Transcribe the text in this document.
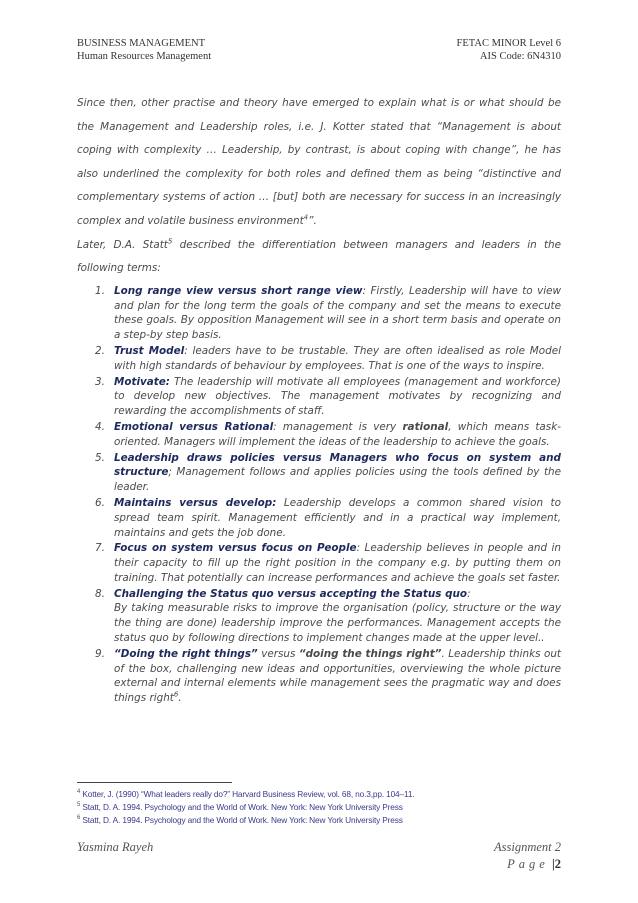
BUSINESS MANAGEMENT	FETAC MINOR Level 6
Human Resources Management	AIS Code: 6N4310

Since then, other practise and theory have emerged to explain what is or what should be the Management and Leadership roles, i.e. J. Kotter stated that “Management is about coping with complexity … Leadership, by contrast, is about coping with change”, he has also underlined the complexity for both roles and defined them as being “distinctive and complementary systems of action … [but] both are necessary for success in an increasingly complex and volatile business environment$^4$”.

Later, D.A. Statt$^5$ described the differentiation between managers and leaders in the following terms:

1. Long range view versus short range view: Firstly, Leadership will have to view and plan for the long term the goals of the company and set the means to execute these goals. By opposition Management will see in a short term basis and operate on a step-by step basis.
2. Trust Model: leaders have to be trustable. They are often idealised as role Model with high standards of behaviour by employees. That is one of the ways to inspire.
3. Motivate: The leadership will motivate all employees (management and workforce) to develop new objectives. The management motivates by recognizing and rewarding the accomplishments of staff.
4. Emotional versus Rational: management is very rational, which means task-oriented. Managers will implement the ideas of the leadership to achieve the goals.
5. Leadership draws policies versus Managers who focus on system and structure; Management follows and applies policies using the tools defined by the leader.
6. Maintains versus develop: Leadership develops a common shared vision to spread team spirit. Management efficiently and in a practical way implement, maintains and gets the job done.
7. Focus on system versus focus on People: Leadership believes in people and in their capacity to fill up the right position in the company e.g. by putting them on training. That potentially can increase performances and achieve the goals set faster.
8. Challenging the Status quo versus accepting the Status quo:
By taking measurable risks to improve the organisation (policy, structure or the way the thing are done) leadership improve the performances. Management accepts the status quo by following directions to implement changes made at the upper level..
9. “Doing the right things” versus “doing the things right”. Leadership thinks out of the box, challenging new ideas and opportunities, overviewing the whole picture external and internal elements while management sees the pragmatic way and does things right$^6$.
$^4$ Kotter, J. (1990) “What leaders really do?” Harvard Business Review, vol. 68, no.3,pp. 104–11.
$^5$ Statt, D. A. 1994. Psychology and the World of Work. New York: New York University Press
$^6$ Statt, D. A. 1994. Psychology and the World of Work. New York: New York University Press
Yasmina Rayeh	Assignment 2
Page |2
